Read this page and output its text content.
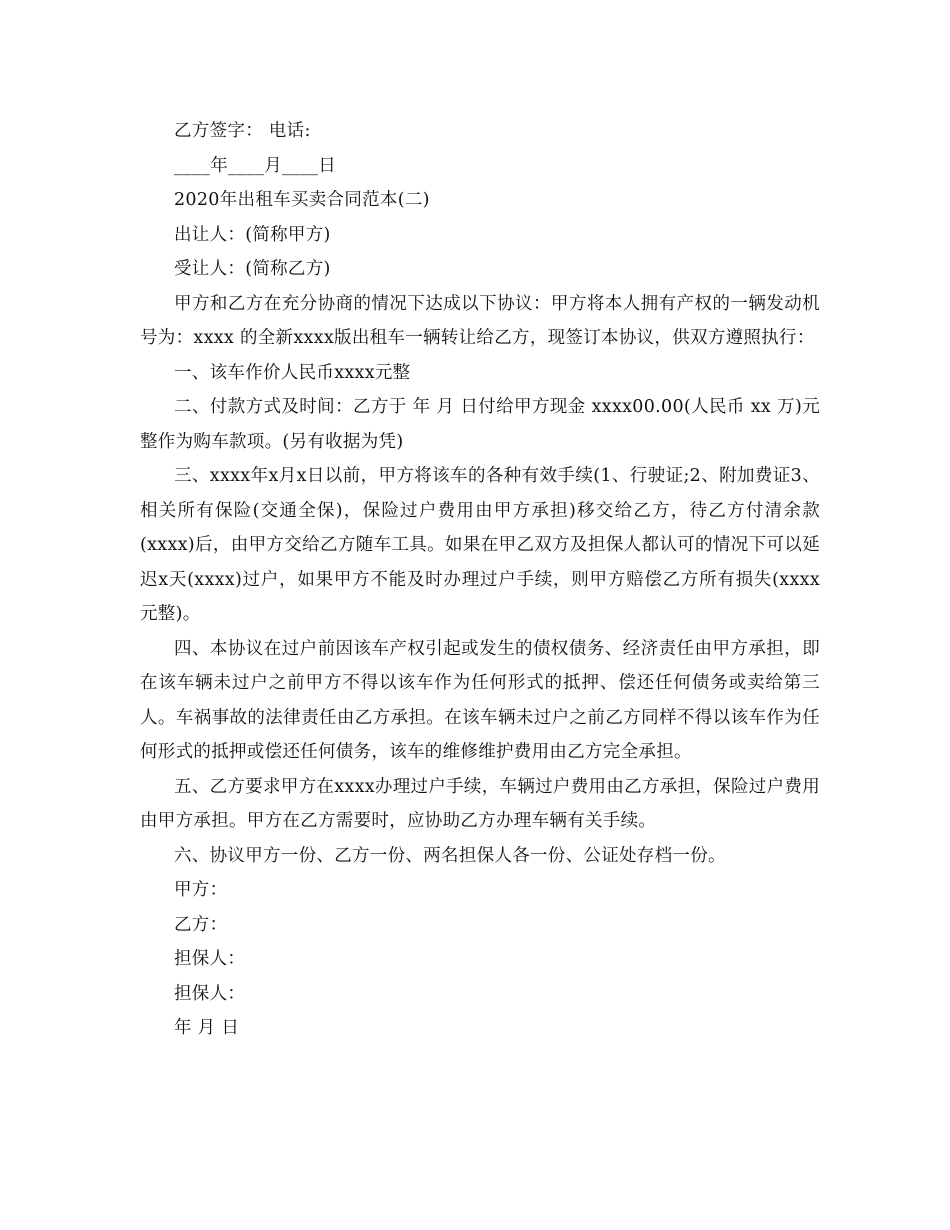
乙方签字： 电话:

____年____月____日

2020年出租车买卖合同范本(二)

出让人：(简称甲方)

受让人：(简称乙方)

甲方和乙方在充分协商的情况下达成以下协议：甲方将本人拥有产权的一辆发动机号为：xxxx 的全新xxxx版出租车一辆转让给乙方，现签订本协议，供双方遵照执行：

一、该车作价人民币xxxx元整

二、付款方式及时间：乙方于 年 月 日付给甲方现金 xxxx00.00(人民币 xx 万)元整作为购车款项。(另有收据为凭)

三、xxxx年x月x日以前，甲方将该车的各种有效手续(1、行驶证;2、附加费证3、相关所有保险(交通全保)，保险过户费用由甲方承担)移交给乙方，待乙方付清余款(xxxx)后，由甲方交给乙方随车工具。如果在甲乙双方及担保人都认可的情况下可以延迟x天(xxxx)过户，如果甲方不能及时办理过户手续，则甲方赔偿乙方所有损失(xxxx元整)。

四、本协议在过户前因该车产权引起或发生的债权债务、经济责任由甲方承担，即在该车辆未过户之前甲方不得以该车作为任何形式的抵押、偿还任何债务或卖给第三人。车祸事故的法律责任由乙方承担。在该车辆未过户之前乙方同样不得以该车作为任何形式的抵押或偿还任何债务，该车的维修维护费用由乙方完全承担。

五、乙方要求甲方在xxxx办理过户手续，车辆过户费用由乙方承担，保险过户费用由甲方承担。甲方在乙方需要时，应协助乙方办理车辆有关手续。

六、协议甲方一份、乙方一份、两名担保人各一份、公证处存档一份。

甲方：

乙方：

担保人：

担保人：

年 月 日
